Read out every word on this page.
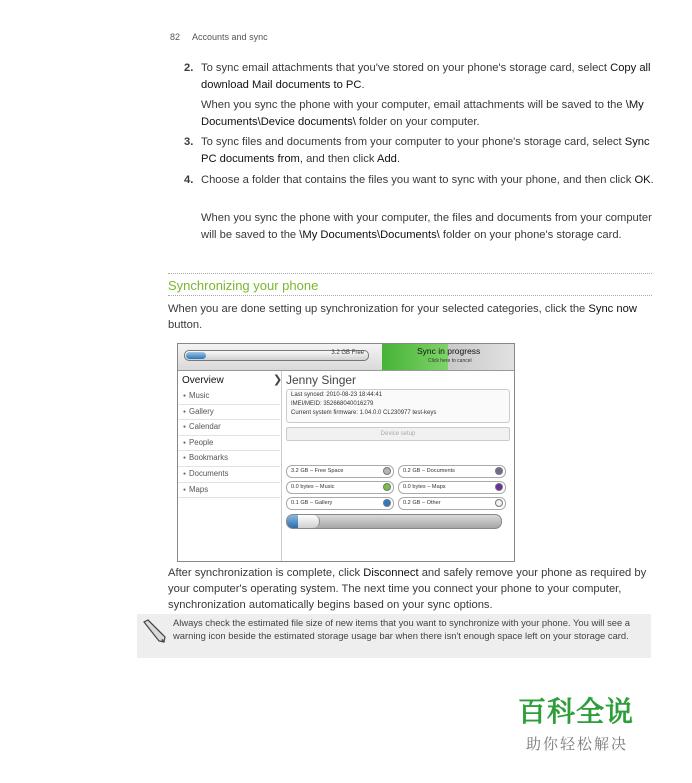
82 Accounts and sync
2. To sync email attachments that you've stored on your phone's storage card, select Copy all download Mail documents to PC.
When you sync the phone with your computer, email attachments will be saved to the \My Documents\Device documents\ folder on your computer.
3. To sync files and documents from your computer to your phone's storage card, select Sync PC documents from, and then click Add.
4. Choose a folder that contains the files you want to sync with your phone, and then click OK.
When you sync the phone with your computer, the files and documents from your computer will be saved to the \My Documents\Documents\ folder on your phone's storage card.
Synchronizing your phone
When you are done setting up synchronization for your selected categories, click the Sync now button.
3.2 GB Free	Sync in progress
Click here to cancel
Overview	❯
● Music
● Gallery
● Calendar
● People
● Bookmarks
● Documents
● Maps
Jenny Singer
Last synced: 2010-08-23 18:44:41
IMEI/MEID: 352668040016279
Current system firmware: 1.04.0.0 CL230977 test-keys
Device setup
3.2 GB – Free Space	0.2 GB – Documents
0.0 bytes – Music	0.0 bytes – Maps
0.1 GB – Gallery	0.2 GB – Other
After synchronization is complete, click Disconnect and safely remove your phone as required by your computer's operating system. The next time you connect your phone to your computer, synchronization automatically begins based on your sync options.
Always check the estimated file size of new items that you want to synchronize with your phone. You will see a warning icon beside the estimated storage usage bar when there isn't enough space left on your storage card.
百科全说
助你轻松解决
